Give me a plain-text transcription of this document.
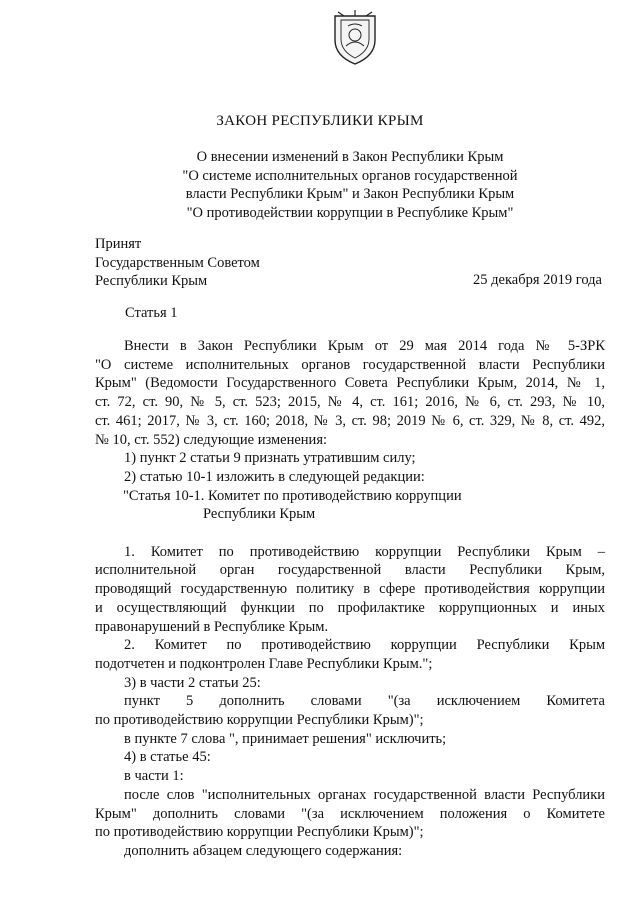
ЗАКОН РЕСПУБЛИКИ КРЫМ
О внесении изменений в Закон Республики Крым
"О системе исполнительных органов государственной
власти Республики Крым" и Закон Республики Крым
"О противодействии коррупции в Республике Крым"
Принят
Государственным Советом
Республики Крым	25 декабря 2019 года
Статья 1

Внести в Закон Республики Крым от 29 мая 2014 года № 5-ЗРК

"О системе исполнительных органов государственной власти Республики

Крым" (Ведомости Государственного Совета Республики Крым, 2014, № 1,

ст. 72, ст. 90, № 5, ст. 523; 2015, № 4, ст. 161; 2016, № 6, ст. 293, № 10,

ст. 461; 2017, № 3, ст. 160; 2018, № 3, ст. 98; 2019 № 6, ст. 329, № 8, ст. 492,

№ 10, ст. 552) следующие изменения:

1) пункт 2 статьи 9 признать утратившим силу;

2) статью 10-1 изложить в следующей редакции:

"Статья 10-1. Комитет по противодействию коррупции

Республики Крым

1. Комитет по противодействию коррупции Республики Крым –

исполнительной орган государственной власти Республики Крым,

проводящий государственную политику в сфере противодействия коррупции

и осуществляющий функции по профилактике коррупционных и иных

правонарушений в Республике Крым.

2. Комитет по противодействию коррупции Республики Крым

подотчетен и подконтролен Главе Республики Крым.";

3) в части 2 статьи 25:

пункт 5 дополнить словами "(за исключением Комитета

по противодействию коррупции Республики Крым)";

в пункте 7 слова ", принимает решения" исключить;

4) в статье 45:

в части 1:

после слов "исполнительных органах государственной власти Республики

Крым" дополнить словами "(за исключением положения о Комитете

по противодействию коррупции Республики Крым)";

дополнить абзацем следующего содержания:
